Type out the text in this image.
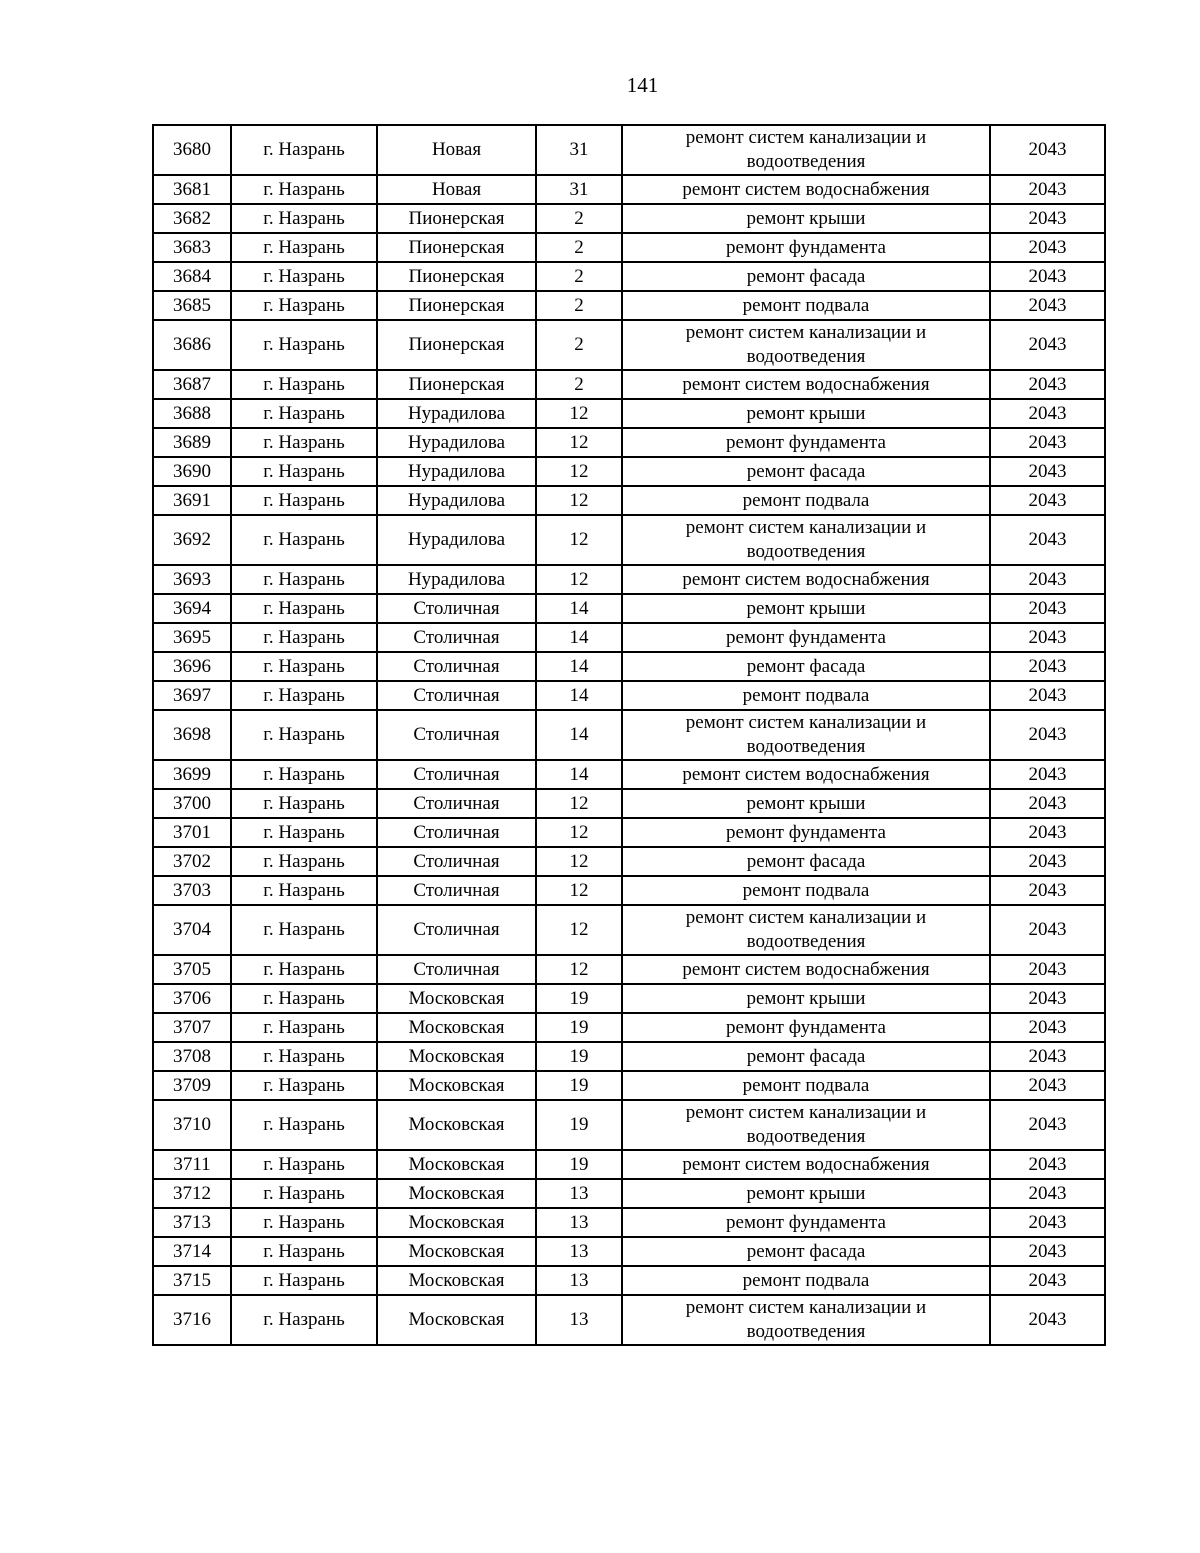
141
3680	г. Назрань	Новая	31	ремонт систем канализации и водоотведения	2043
3681	г. Назрань	Новая	31	ремонт систем водоснабжения	2043
3682	г. Назрань	Пионерская	2	ремонт крыши	2043
3683	г. Назрань	Пионерская	2	ремонт фундамента	2043
3684	г. Назрань	Пионерская	2	ремонт фасада	2043
3685	г. Назрань	Пионерская	2	ремонт подвала	2043
3686	г. Назрань	Пионерская	2	ремонт систем канализации и водоотведения	2043
3687	г. Назрань	Пионерская	2	ремонт систем водоснабжения	2043
3688	г. Назрань	Нурадилова	12	ремонт крыши	2043
3689	г. Назрань	Нурадилова	12	ремонт фундамента	2043
3690	г. Назрань	Нурадилова	12	ремонт фасада	2043
3691	г. Назрань	Нурадилова	12	ремонт подвала	2043
3692	г. Назрань	Нурадилова	12	ремонт систем канализации и водоотведения	2043
3693	г. Назрань	Нурадилова	12	ремонт систем водоснабжения	2043
3694	г. Назрань	Столичная	14	ремонт крыши	2043
3695	г. Назрань	Столичная	14	ремонт фундамента	2043
3696	г. Назрань	Столичная	14	ремонт фасада	2043
3697	г. Назрань	Столичная	14	ремонт подвала	2043
3698	г. Назрань	Столичная	14	ремонт систем канализации и водоотведения	2043
3699	г. Назрань	Столичная	14	ремонт систем водоснабжения	2043
3700	г. Назрань	Столичная	12	ремонт крыши	2043
3701	г. Назрань	Столичная	12	ремонт фундамента	2043
3702	г. Назрань	Столичная	12	ремонт фасада	2043
3703	г. Назрань	Столичная	12	ремонт подвала	2043
3704	г. Назрань	Столичная	12	ремонт систем канализации и водоотведения	2043
3705	г. Назрань	Столичная	12	ремонт систем водоснабжения	2043
3706	г. Назрань	Московская	19	ремонт крыши	2043
3707	г. Назрань	Московская	19	ремонт фундамента	2043
3708	г. Назрань	Московская	19	ремонт фасада	2043
3709	г. Назрань	Московская	19	ремонт подвала	2043
3710	г. Назрань	Московская	19	ремонт систем канализации и водоотведения	2043
3711	г. Назрань	Московская	19	ремонт систем водоснабжения	2043
3712	г. Назрань	Московская	13	ремонт крыши	2043
3713	г. Назрань	Московская	13	ремонт фундамента	2043
3714	г. Назрань	Московская	13	ремонт фасада	2043
3715	г. Назрань	Московская	13	ремонт подвала	2043
3716	г. Назрань	Московская	13	ремонт систем канализации и водоотведения	2043
